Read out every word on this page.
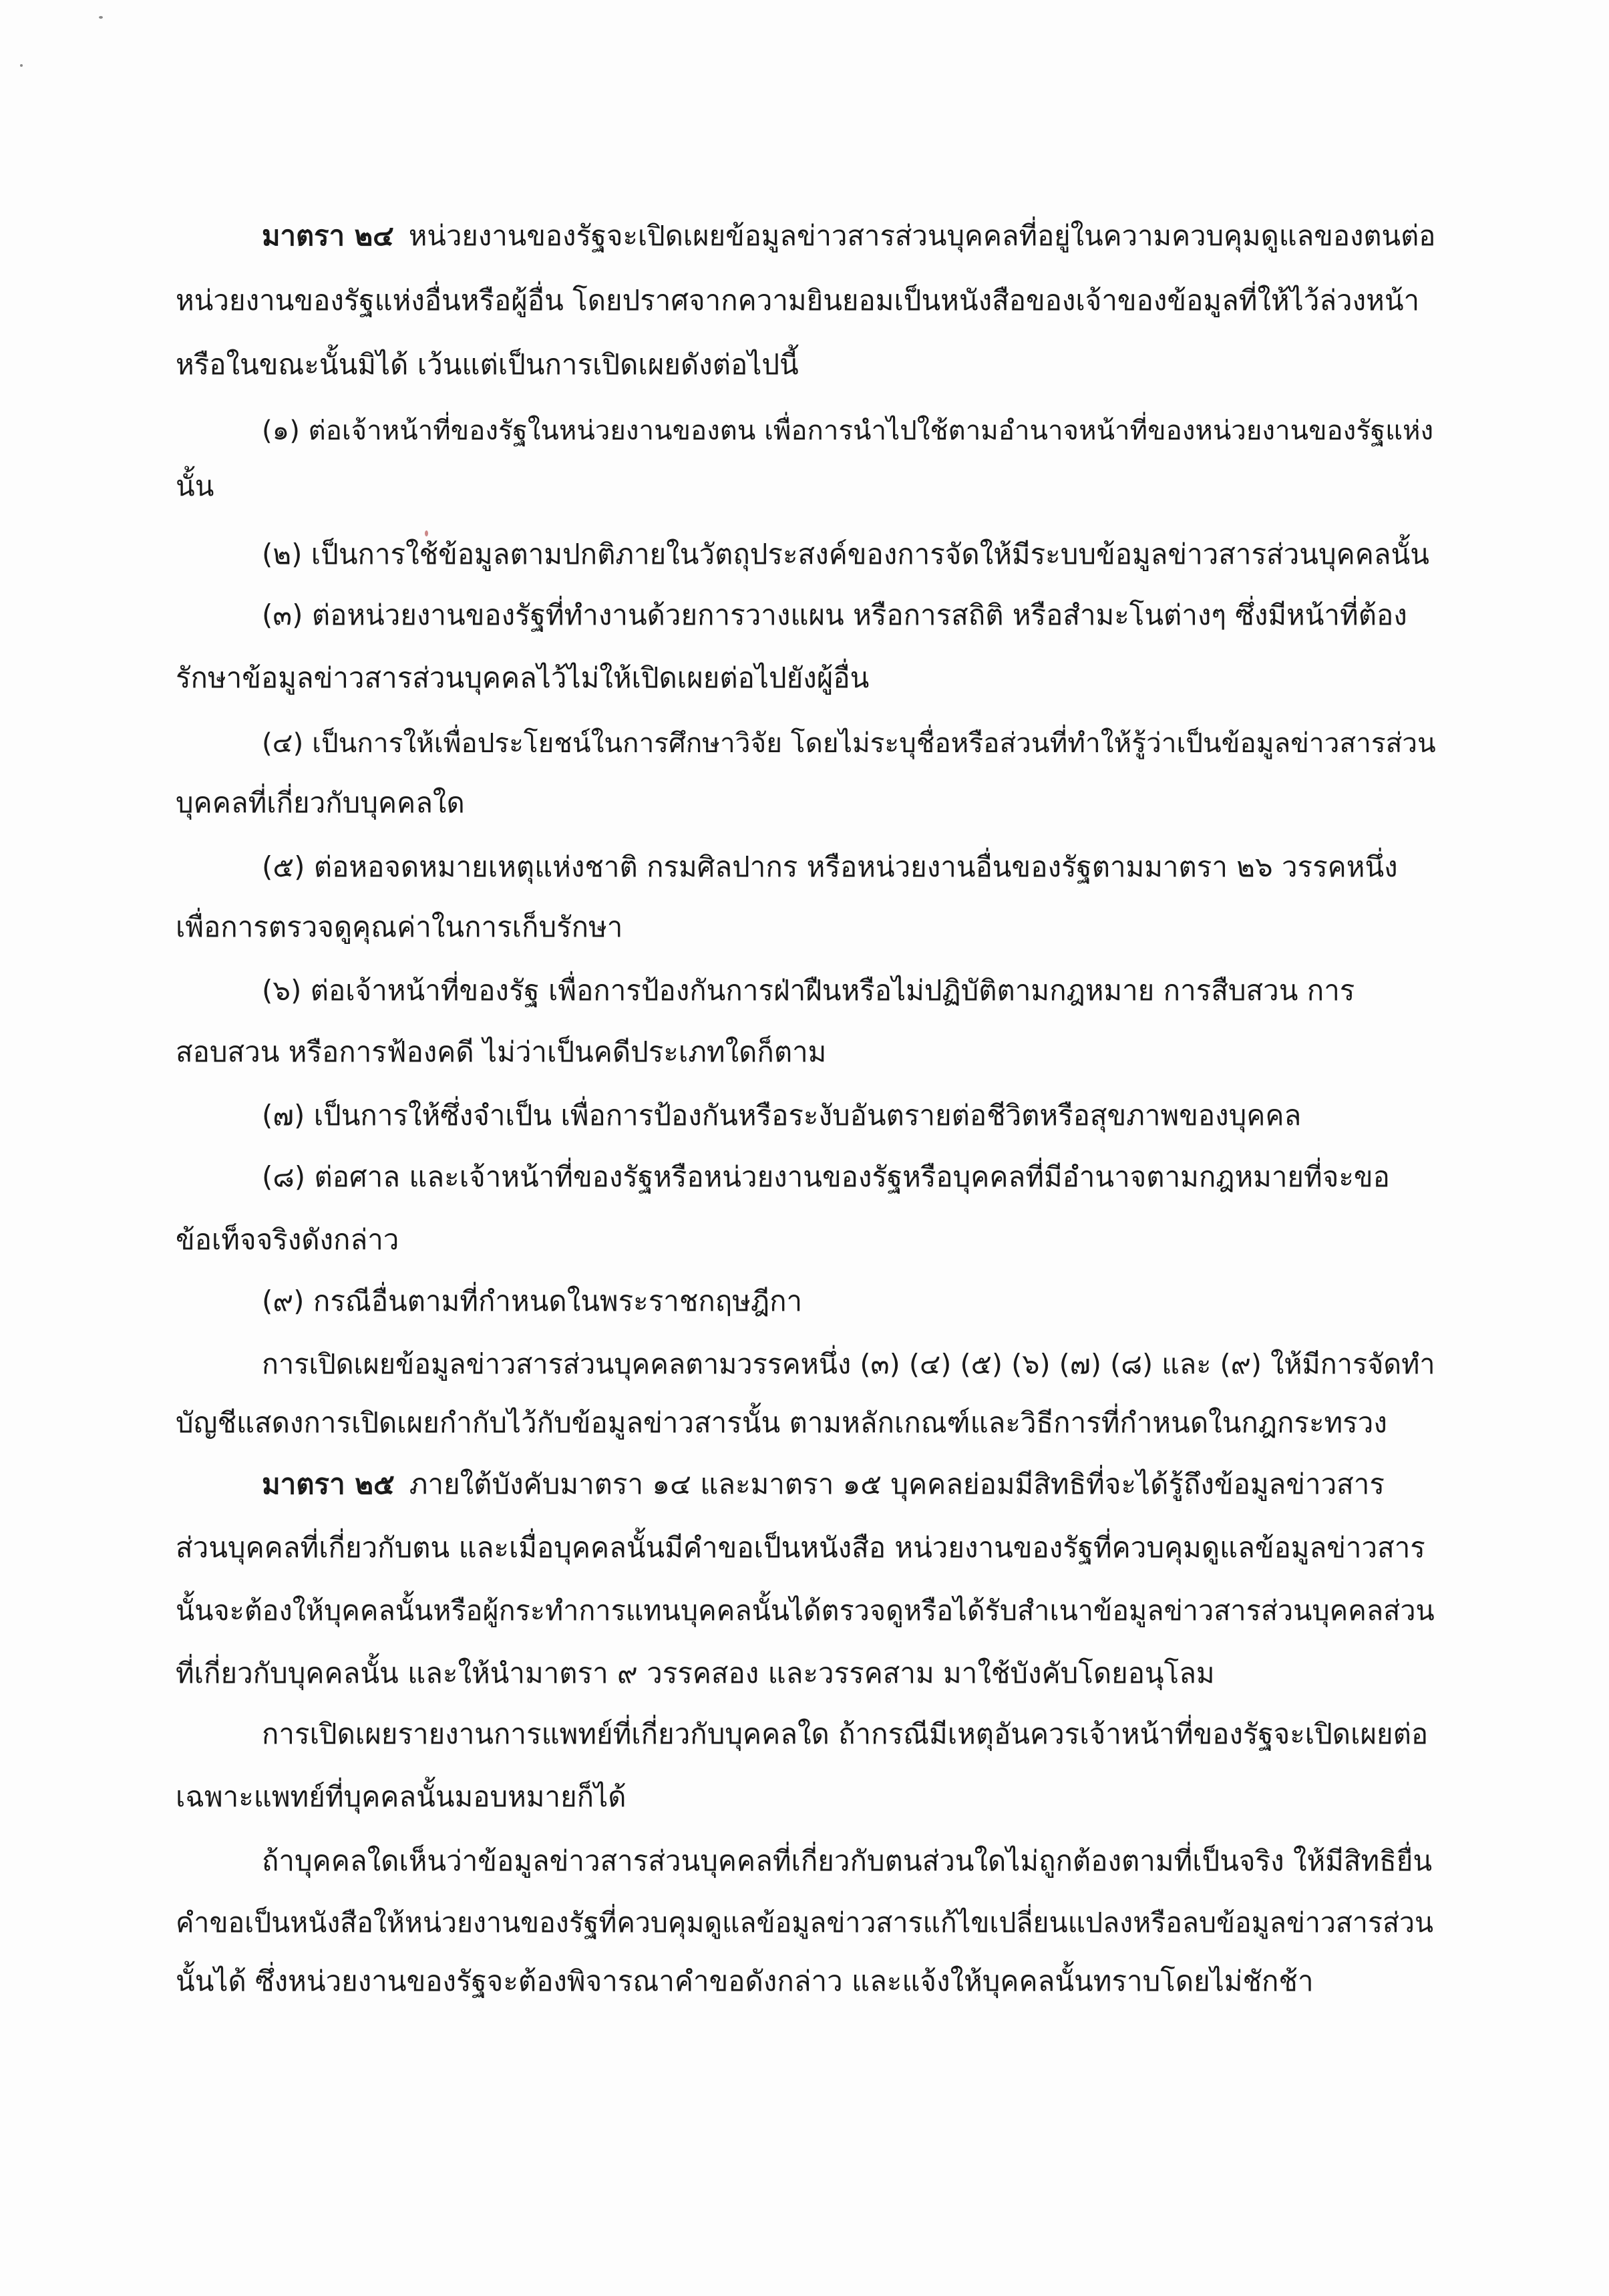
มาตรา ๒๔ หน่วยงานของรัฐจะเปิดเผยข้อมูลข่าวสารส่วนบุคคลที่อยู่ในความควบคุมดูแลของตนต่อ

หน่วยงานของรัฐแห่งอื่นหรือผู้อื่น โดยปราศจากความยินยอมเป็นหนังสือของเจ้าของข้อมูลที่ให้ไว้ล่วงหน้า

หรือในขณะนั้นมิได้ เว้นแต่เป็นการเปิดเผยดังต่อไปนี้

(๑) ต่อเจ้าหน้าที่ของรัฐในหน่วยงานของตน เพื่อการนำไปใช้ตามอำนาจหน้าที่ของหน่วยงานของรัฐแห่ง

นั้น

(๒) เป็นการใช้ข้อมูลตามปกติภายในวัตถุประสงค์ของการจัดให้มีระบบข้อมูลข่าวสารส่วนบุคคลนั้น

(๓) ต่อหน่วยงานของรัฐที่ทำงานด้วยการวางแผน หรือการสถิติ หรือสำมะโนต่างๆ ซึ่งมีหน้าที่ต้อง

รักษาข้อมูลข่าวสารส่วนบุคคลไว้ไม่ให้เปิดเผยต่อไปยังผู้อื่น

(๔) เป็นการให้เพื่อประโยชน์ในการศึกษาวิจัย โดยไม่ระบุชื่อหรือส่วนที่ทำให้รู้ว่าเป็นข้อมูลข่าวสารส่วน

บุคคลที่เกี่ยวกับบุคคลใด

(๕) ต่อหอจดหมายเหตุแห่งชาติ กรมศิลปากร หรือหน่วยงานอื่นของรัฐตามมาตรา ๒๖ วรรคหนึ่ง

เพื่อการตรวจดูคุณค่าในการเก็บรักษา

(๖) ต่อเจ้าหน้าที่ของรัฐ เพื่อการป้องกันการฝ่าฝืนหรือไม่ปฏิบัติตามกฎหมาย การสืบสวน การ

สอบสวน หรือการฟ้องคดี ไม่ว่าเป็นคดีประเภทใดก็ตาม

(๗) เป็นการให้ซึ่งจำเป็น เพื่อการป้องกันหรือระงับอันตรายต่อชีวิตหรือสุขภาพของบุคคล

(๘) ต่อศาล และเจ้าหน้าที่ของรัฐหรือหน่วยงานของรัฐหรือบุคคลที่มีอำนาจตามกฎหมายที่จะขอ

ข้อเท็จจริงดังกล่าว

(๙) กรณีอื่นตามที่กำหนดในพระราชกฤษฎีกา

การเปิดเผยข้อมูลข่าวสารส่วนบุคคลตามวรรคหนึ่ง (๓) (๔) (๕) (๖) (๗) (๘) และ (๙) ให้มีการจัดทำ

บัญชีแสดงการเปิดเผยกำกับไว้กับข้อมูลข่าวสารนั้น ตามหลักเกณฑ์และวิธีการที่กำหนดในกฎกระทรวง

มาตรา ๒๕ ภายใต้บังคับมาตรา ๑๔ และมาตรา ๑๕ บุคคลย่อมมีสิทธิที่จะได้รู้ถึงข้อมูลข่าวสาร

ส่วนบุคคลที่เกี่ยวกับตน และเมื่อบุคคลนั้นมีคำขอเป็นหนังสือ หน่วยงานของรัฐที่ควบคุมดูแลข้อมูลข่าวสาร

นั้นจะต้องให้บุคคลนั้นหรือผู้กระทำการแทนบุคคลนั้นได้ตรวจดูหรือได้รับสำเนาข้อมูลข่าวสารส่วนบุคคลส่วน

ที่เกี่ยวกับบุคคลนั้น และให้นำมาตรา ๙ วรรคสอง และวรรคสาม มาใช้บังคับโดยอนุโลม

การเปิดเผยรายงานการแพทย์ที่เกี่ยวกับบุคคลใด ถ้ากรณีมีเหตุอันควรเจ้าหน้าที่ของรัฐจะเปิดเผยต่อ

เฉพาะแพทย์ที่บุคคลนั้นมอบหมายก็ได้

ถ้าบุคคลใดเห็นว่าข้อมูลข่าวสารส่วนบุคคลที่เกี่ยวกับตนส่วนใดไม่ถูกต้องตามที่เป็นจริง ให้มีสิทธิยื่น

คำขอเป็นหนังสือให้หน่วยงานของรัฐที่ควบคุมดูแลข้อมูลข่าวสารแก้ไขเปลี่ยนแปลงหรือลบข้อมูลข่าวสารส่วน

นั้นได้ ซึ่งหน่วยงานของรัฐจะต้องพิจารณาคำขอดังกล่าว และแจ้งให้บุคคลนั้นทราบโดยไม่ชักช้า
